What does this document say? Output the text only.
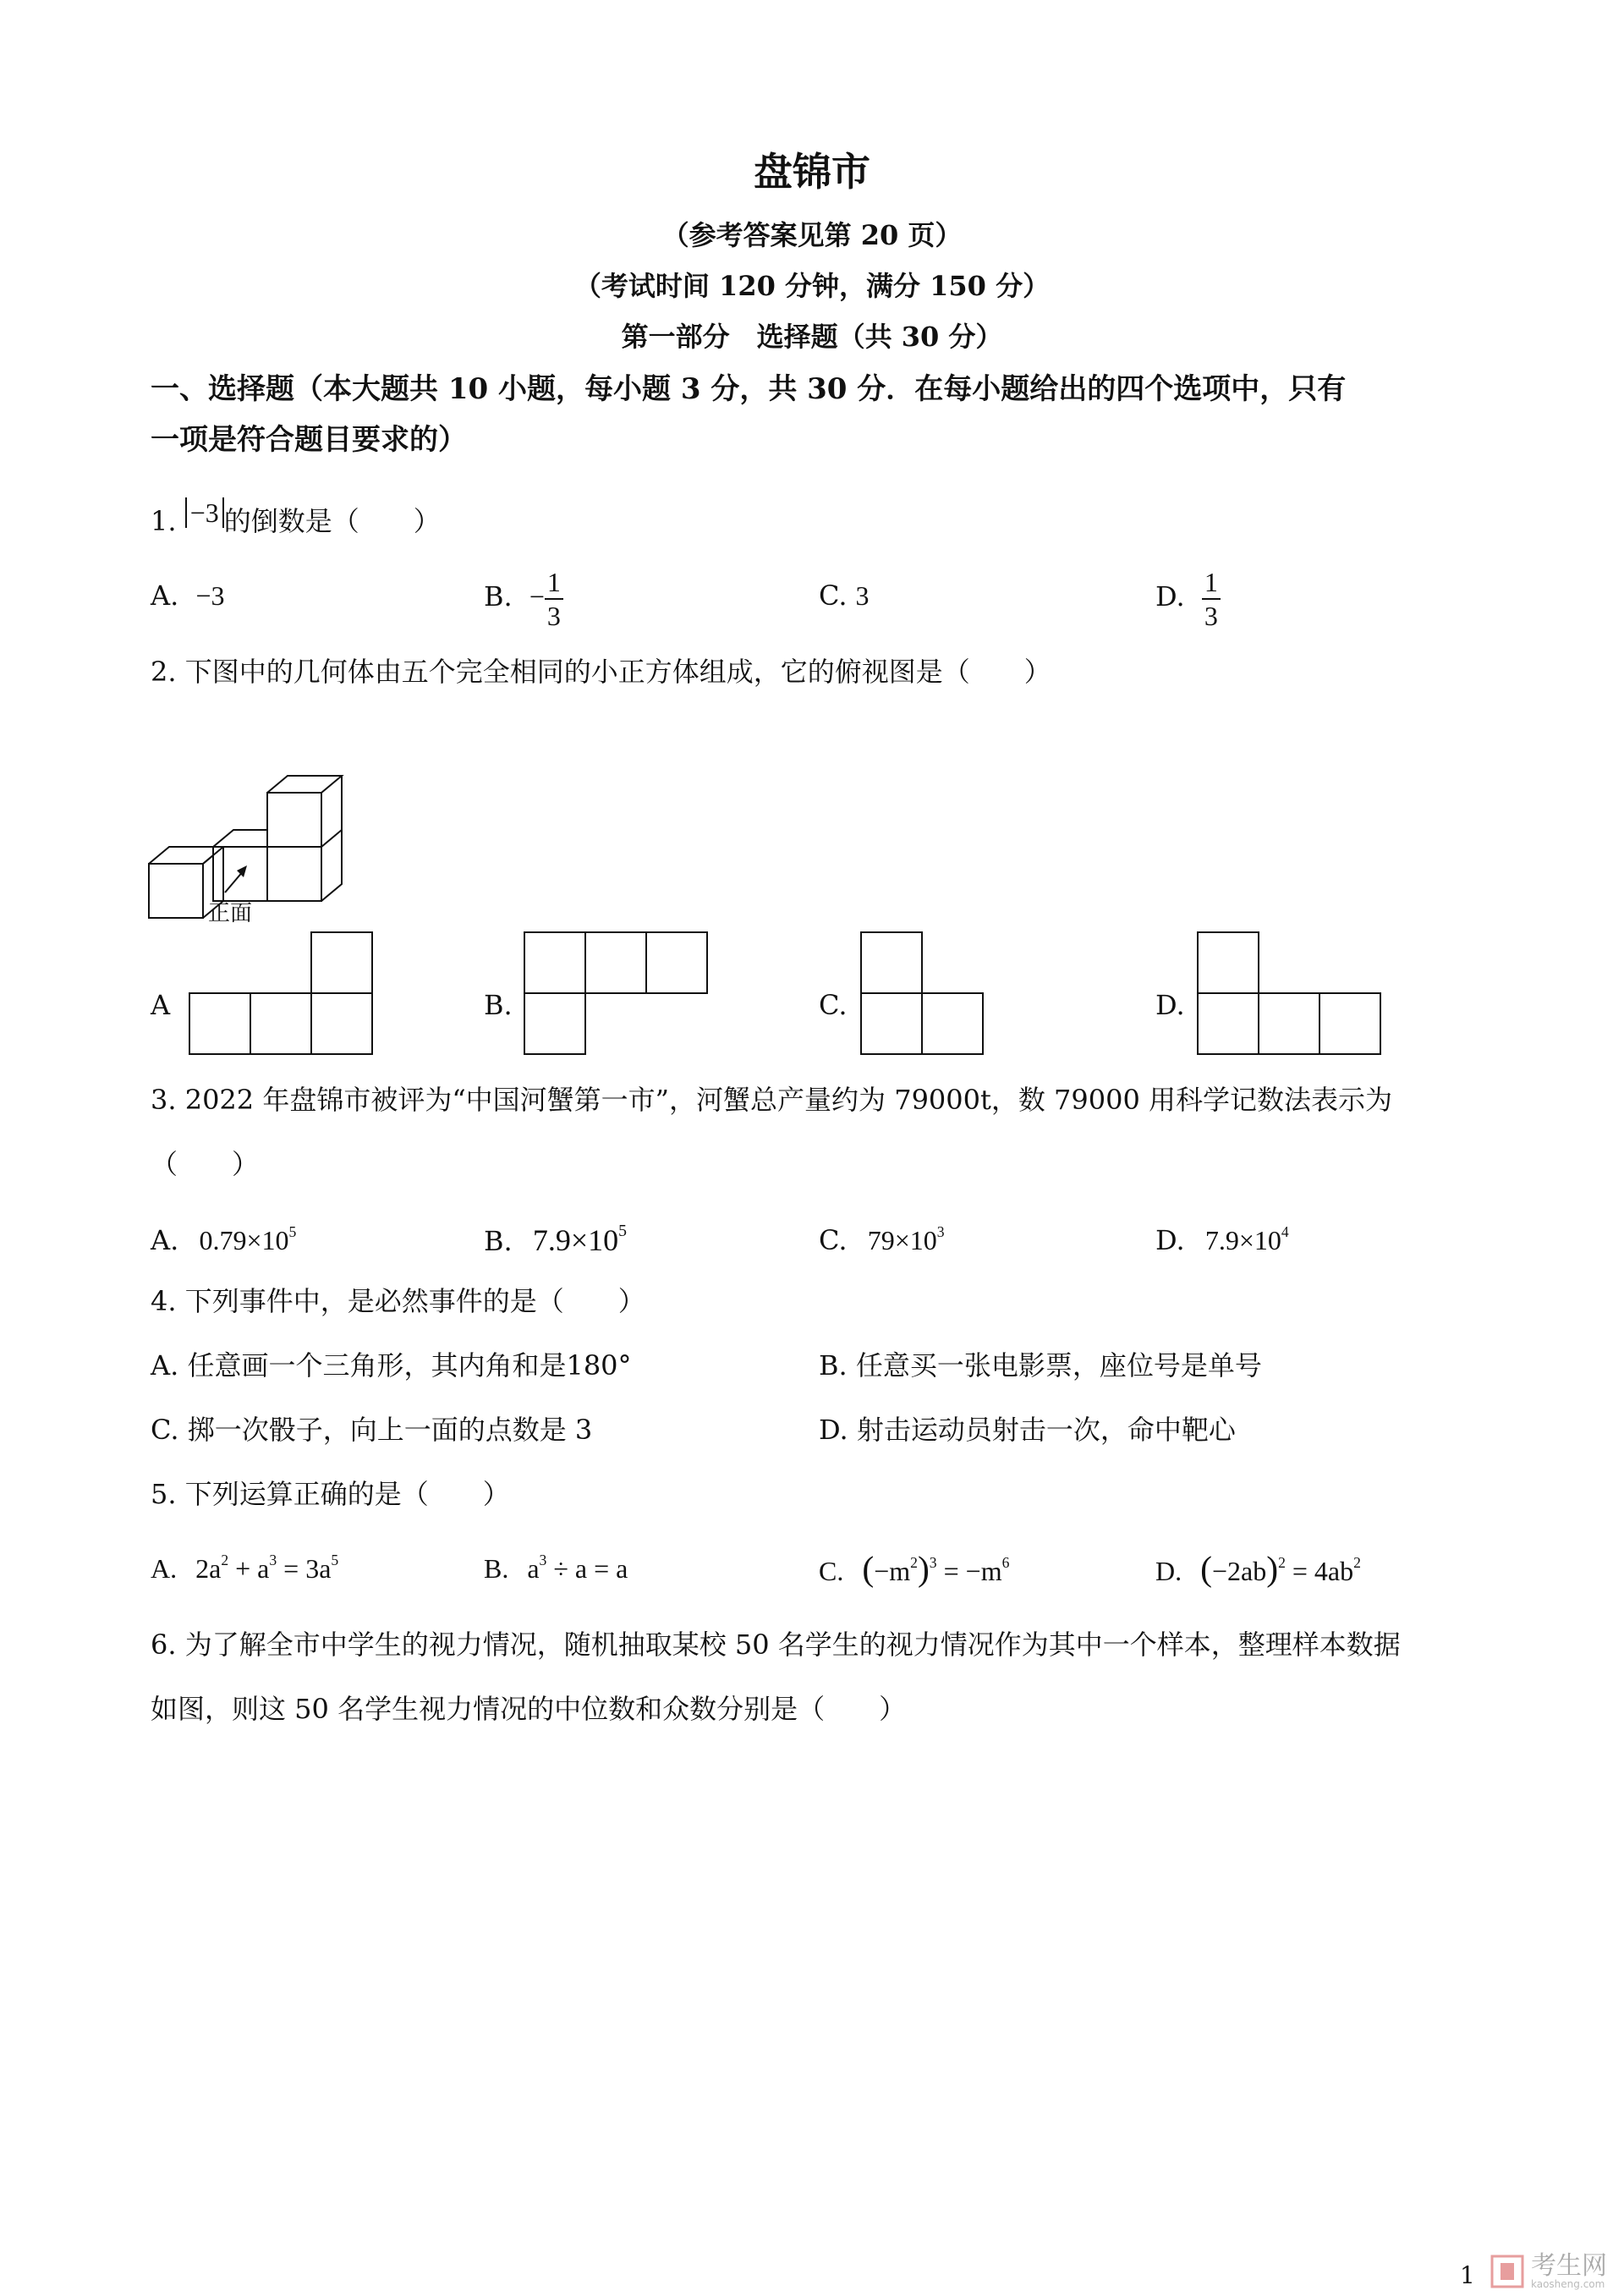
盘锦市
（参考答案见第 20 页）
（考试时间 120 分钟，满分 150 分）
第一部分　选择题（共 30 分）
一、选择题（本大题共 10 小题，每小题 3 分，共 30 分．在每小题给出的四个选项中，只有
一项是符合题目要求的）
1. −3 的倒数是（　　）
A. −3	B. − $\frac{1}{3}$	C. 3	D. $\frac{1}{3}$
2. 下图中的几何体由五个完全相同的小正方体组成，它的俯视图是（　　）
正面
A	B.	C.	D.
3. 2022 年盘锦市被评为“中国河蟹第一市”，河蟹总产量约为 79000t，数 79000 用科学记数法表示为
（　　）
A. $0.79\times 10^5$	B. $7.9\times 10^5$	C. $79\times 10^3$	D. $7.9\times 10^4$
4. 下列事件中，是必然事件的是（　　）
A. 任意画一个三角形，其内角和是180°	B. 任意买一张电影票，座位号是单号
C. 掷一次骰子，向上一面的点数是 3	D. 射击运动员射击一次，命中靶心
5. 下列运算正确的是（　　）
A. $2a^2 + a^3 = 3a^5$	B. $a^3 \div a = a$	C. $(-m^2)^3 = -m^6$	D. $(-2ab)^2 = 4ab^2$
6. 为了解全市中学生的视力情况，随机抽取某校 50 名学生的视力情况作为其中一个样本，整理样本数据
如图，则这 50 名学生视力情况的中位数和众数分别是（　　）
1 考生网
kaosheng.com
